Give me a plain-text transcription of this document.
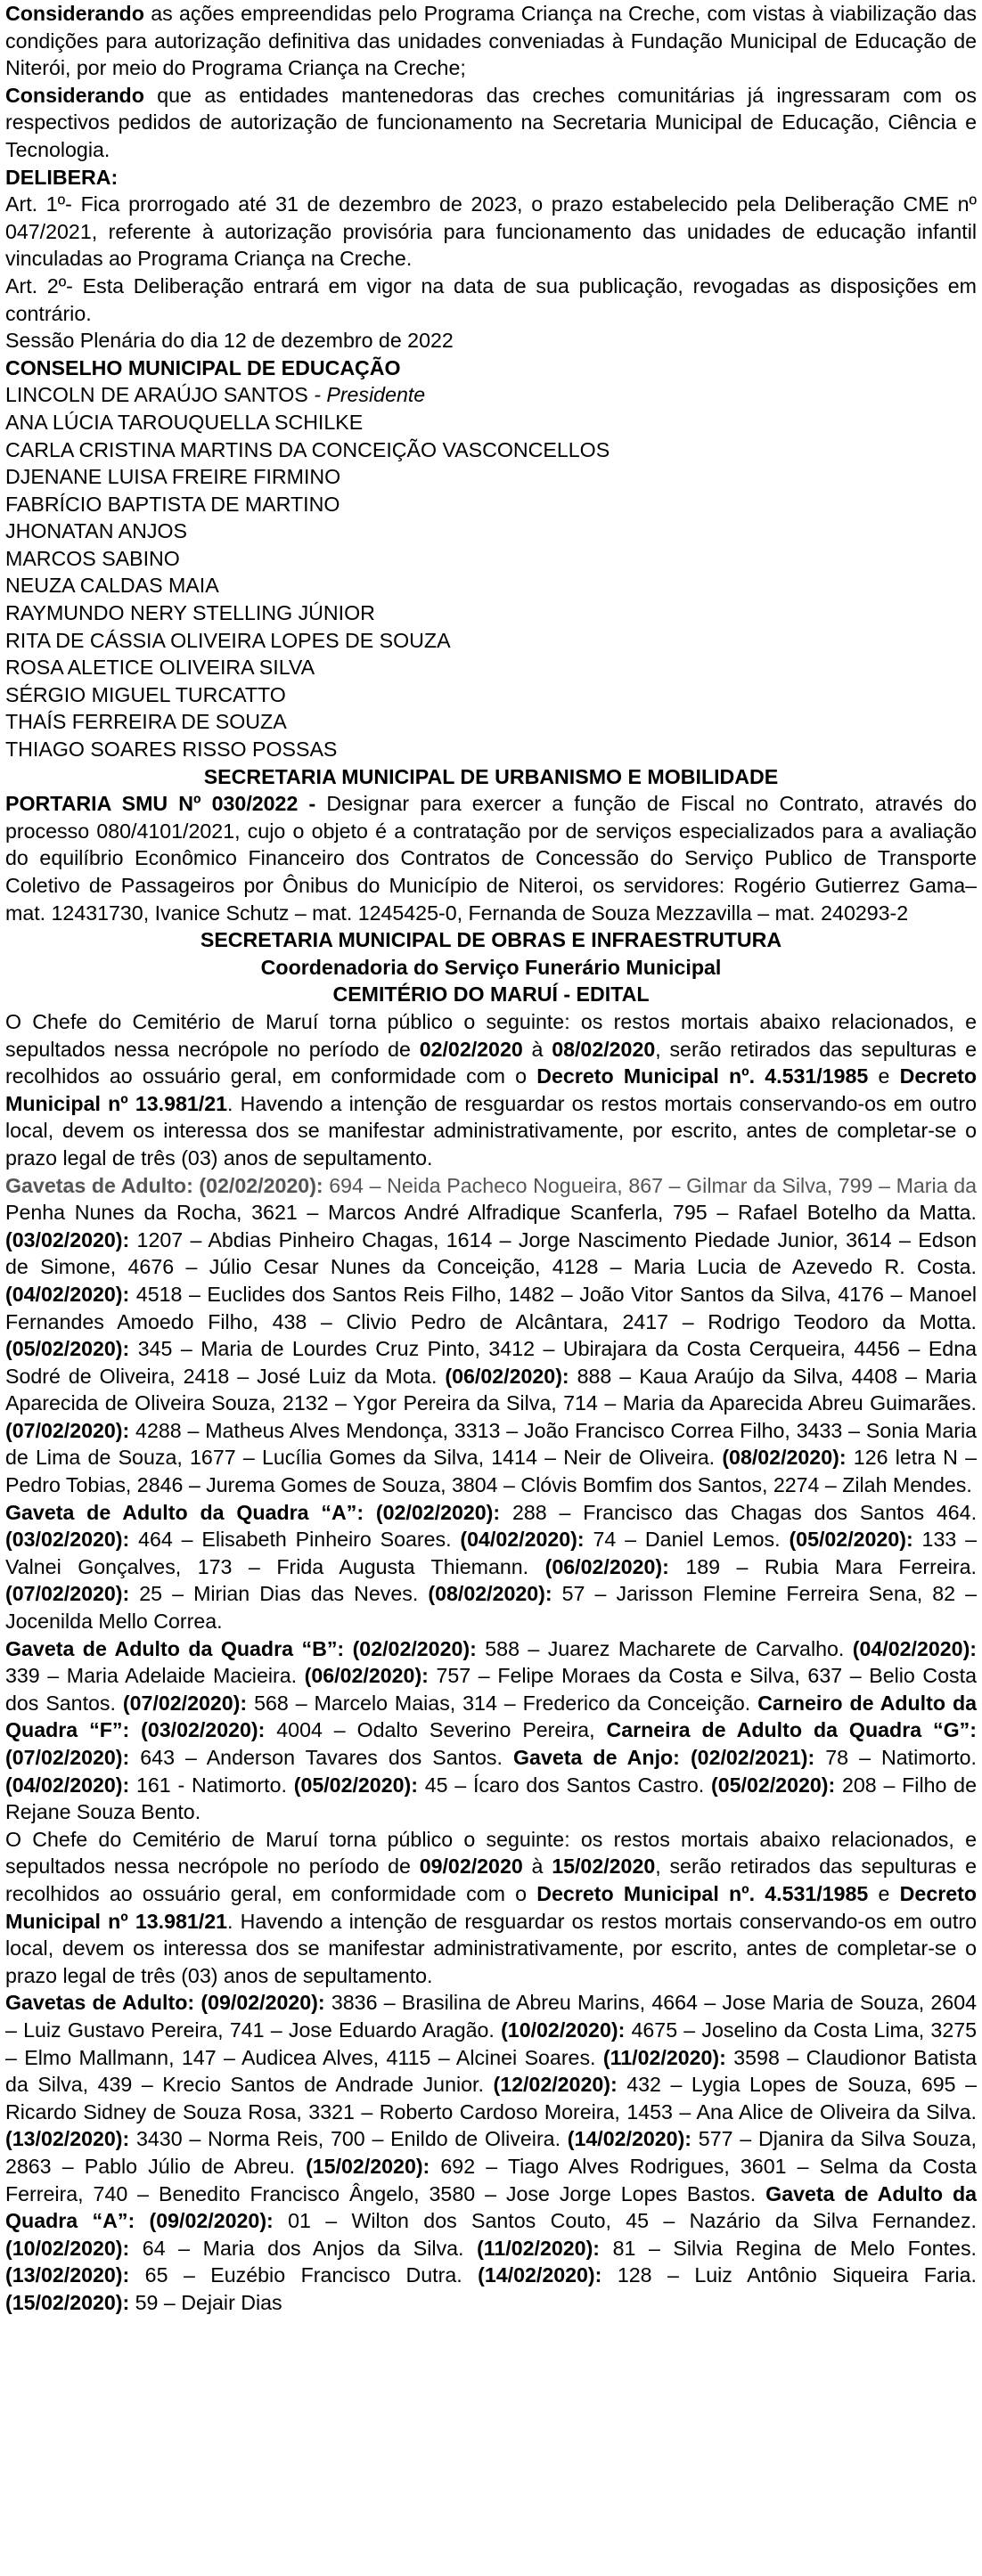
Considerando as ações empreendidas pelo Programa Criança na Creche, com vistas à viabilização das condições para autorização definitiva das unidades conveniadas à Fundação Municipal de Educação de Niterói, por meio do Programa Criança na Creche;

Considerando que as entidades mantenedoras das creches comunitárias já ingressaram com os respectivos pedidos de autorização de funcionamento na Secretaria Municipal de Educação, Ciência e Tecnologia.

DELIBERA:

Art. 1º- Fica prorrogado até 31 de dezembro de 2023, o prazo estabelecido pela Deliberação CME nº 047/2021, referente à autorização provisória para funcionamento das unidades de educação infantil vinculadas ao Programa Criança na Creche.

Art. 2º- Esta Deliberação entrará em vigor na data de sua publicação, revogadas as disposições em contrário.

Sessão Plenária do dia 12 de dezembro de 2022

CONSELHO MUNICIPAL DE EDUCAÇÃO

LINCOLN DE ARAÚJO SANTOS - Presidente

ANA LÚCIA TAROUQUELLA SCHILKE
CARLA CRISTINA MARTINS DA CONCEIÇÃO VASCONCELLOS
DJENANE LUISA FREIRE FIRMINO
FABRÍCIO BAPTISTA DE MARTINO
JHONATAN ANJOS
MARCOS SABINO
NEUZA CALDAS MAIA
RAYMUNDO NERY STELLING JÚNIOR
RITA DE CÁSSIA OLIVEIRA LOPES DE SOUZA
ROSA ALETICE OLIVEIRA SILVA
SÉRGIO MIGUEL TURCATTO
THAÍS FERREIRA DE SOUZA
THIAGO SOARES RISSO POSSAS

SECRETARIA MUNICIPAL DE URBANISMO E MOBILIDADE

PORTARIA SMU Nº 030/2022 - Designar para exercer a função de Fiscal no Contrato, através do processo 080/4101/2021, cujo o objeto é a contratação por de serviços especializados para a avaliação do equilíbrio Econômico Financeiro dos Contratos de Concessão do Serviço Publico de Transporte Coletivo de Passageiros por Ônibus do Município de Niteroi, os servidores: Rogério Gutierrez Gama– mat. 12431730, Ivanice Schutz – mat. 1245425-0, Fernanda de Souza Mezzavilla – mat. 240293-2

SECRETARIA MUNICIPAL DE OBRAS E INFRAESTRUTURA

Coordenadoria do Serviço Funerário Municipal

CEMITÉRIO DO MARUÍ - EDITAL

O Chefe do Cemitério de Maruí torna público o seguinte: os restos mortais abaixo relacionados, e sepultados nessa necrópole no período de 02/02/2020 à 08/02/2020, serão retirados das sepulturas e recolhidos ao ossuário geral, em conformidade com o Decreto Municipal nº. 4.531/1985 e Decreto Municipal nº 13.981/21. Havendo a intenção de resguardar os restos mortais conservando-os em outro local, devem os interessa dos se manifestar administrativamente, por escrito, antes de completar-se o prazo legal de três (03) anos de sepultamento.

Gavetas de Adulto: (02/02/2020): 694 – Neida Pacheco Nogueira, 867 – Gilmar da Silva, 799 – Maria da Penha Nunes da Rocha, 3621 – Marcos André Alfradique Scanferla, 795 – Rafael Botelho da Matta. (03/02/2020): 1207 – Abdias Pinheiro Chagas, 1614 – Jorge Nascimento Piedade Junior, 3614 – Edson de Simone, 4676 – Júlio Cesar Nunes da Conceição, 4128 – Maria Lucia de Azevedo R. Costa. (04/02/2020): 4518 – Euclides dos Santos Reis Filho, 1482 – João Vitor Santos da Silva, 4176 – Manoel Fernandes Amoedo Filho, 438 – Clivio Pedro de Alcântara, 2417 – Rodrigo Teodoro da Motta. (05/02/2020): 345 – Maria de Lourdes Cruz Pinto, 3412 – Ubirajara da Costa Cerqueira, 4456 – Edna Sodré de Oliveira, 2418 – José Luiz da Mota. (06/02/2020): 888 – Kaua Araújo da Silva, 4408 – Maria Aparecida de Oliveira Souza, 2132 – Ygor Pereira da Silva, 714 – Maria da Aparecida Abreu Guimarães. (07/02/2020): 4288 – Matheus Alves Mendonça, 3313 – João Francisco Correa Filho, 3433 – Sonia Maria de Lima de Souza, 1677 – Lucília Gomes da Silva, 1414 – Neir de Oliveira. (08/02/2020): 126 letra N – Pedro Tobias, 2846 – Jurema Gomes de Souza, 3804 – Clóvis Bomfim dos Santos, 2274 – Zilah Mendes.

Gaveta de Adulto da Quadra “A”: (02/02/2020): 288 – Francisco das Chagas dos Santos 464. (03/02/2020): 464 – Elisabeth Pinheiro Soares. (04/02/2020): 74 – Daniel Lemos. (05/02/2020): 133 – Valnei Gonçalves, 173 – Frida Augusta Thiemann. (06/02/2020): 189 – Rubia Mara Ferreira. (07/02/2020): 25 – Mirian Dias das Neves. (08/02/2020): 57 – Jarisson Flemine Ferreira Sena, 82 – Jocenilda Mello Correa.

Gaveta de Adulto da Quadra “B”: (02/02/2020): 588 – Juarez Macharete de Carvalho. (04/02/2020): 339 – Maria Adelaide Macieira. (06/02/2020): 757 – Felipe Moraes da Costa e Silva, 637 – Belio Costa dos Santos. (07/02/2020): 568 – Marcelo Maias, 314 – Frederico da Conceição. Carneiro de Adulto da Quadra “F”: (03/02/2020): 4004 – Odalto Severino Pereira, Carneira de Adulto da Quadra “G”: (07/02/2020): 643 – Anderson Tavares dos Santos. Gaveta de Anjo: (02/02/2021): 78 – Natimorto. (04/02/2020): 161 - Natimorto. (05/02/2020): 45 – Ícaro dos Santos Castro. (05/02/2020): 208 – Filho de Rejane Souza Bento.

O Chefe do Cemitério de Maruí torna público o seguinte: os restos mortais abaixo relacionados, e sepultados nessa necrópole no período de 09/02/2020 à 15/02/2020, serão retirados das sepulturas e recolhidos ao ossuário geral, em conformidade com o Decreto Municipal nº. 4.531/1985 e Decreto Municipal nº 13.981/21. Havendo a intenção de resguardar os restos mortais conservando-os em outro local, devem os interessa dos se manifestar administrativamente, por escrito, antes de completar-se o prazo legal de três (03) anos de sepultamento.

Gavetas de Adulto: (09/02/2020): 3836 – Brasilina de Abreu Marins, 4664 – Jose Maria de Souza, 2604 – Luiz Gustavo Pereira, 741 – Jose Eduardo Aragão. (10/02/2020): 4675 – Joselino da Costa Lima, 3275 – Elmo Mallmann, 147 – Audicea Alves, 4115 – Alcinei Soares. (11/02/2020): 3598 – Claudionor Batista da Silva, 439 – Krecio Santos de Andrade Junior. (12/02/2020): 432 – Lygia Lopes de Souza, 695 – Ricardo Sidney de Souza Rosa, 3321 – Roberto Cardoso Moreira, 1453 – Ana Alice de Oliveira da Silva. (13/02/2020): 3430 – Norma Reis, 700 – Enildo de Oliveira. (14/02/2020): 577 – Djanira da Silva Souza, 2863 – Pablo Júlio de Abreu. (15/02/2020): 692 – Tiago Alves Rodrigues, 3601 – Selma da Costa Ferreira, 740 – Benedito Francisco Ângelo, 3580 – Jose Jorge Lopes Bastos. Gaveta de Adulto da Quadra “A”: (09/02/2020): 01 – Wilton dos Santos Couto, 45 – Nazário da Silva Fernandez. (10/02/2020): 64 – Maria dos Anjos da Silva. (11/02/2020): 81 – Silvia Regina de Melo Fontes. (13/02/2020): 65 – Euzébio Francisco Dutra. (14/02/2020): 128 – Luiz Antônio Siqueira Faria. (15/02/2020): 59 – Dejair Dias
